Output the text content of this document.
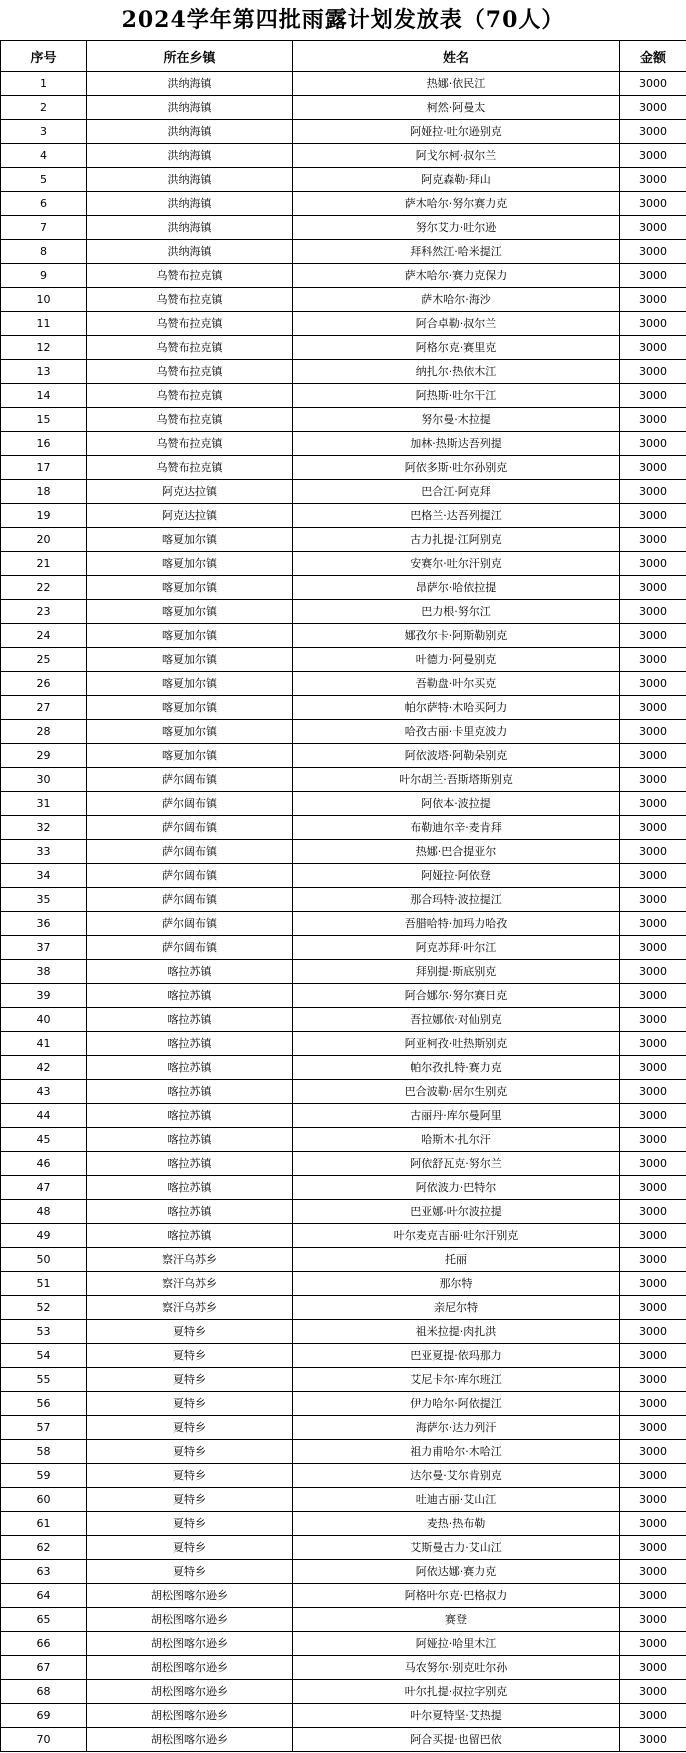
2024学年第四批雨露计划发放表（70人）
序号	所在乡镇	姓名	金额
1	洪纳海镇	热娜·依民江	3000
2	洪纳海镇	柯然·阿曼太	3000
3	洪纳海镇	阿娅拉·吐尔逊别克	3000
4	洪纳海镇	阿戈尔柯·叔尔兰	3000
5	洪纳海镇	阿克森勒·拜山	3000
6	洪纳海镇	萨木哈尔·努尔赛力克	3000
7	洪纳海镇	努尔艾力·吐尔逊	3000
8	洪纳海镇	拜科然江·哈米提江	3000
9	乌赞布拉克镇	萨木哈尔·赛力克保力	3000
10	乌赞布拉克镇	萨木哈尔·海沙	3000
11	乌赞布拉克镇	阿合卓勒·叔尔兰	3000
12	乌赞布拉克镇	阿格尔克·赛里克	3000
13	乌赞布拉克镇	纳扎尔·热依木江	3000
14	乌赞布拉克镇	阿热斯·吐尔干江	3000
15	乌赞布拉克镇	努尔曼·木拉提	3000
16	乌赞布拉克镇	加林·热斯达吾列提	3000
17	乌赞布拉克镇	阿依多斯·吐尔孙别克	3000
18	阿克达拉镇	巴合江·阿克拜	3000
19	阿克达拉镇	巴格兰·达吾列提江	3000
20	喀夏加尔镇	古力扎提·江阿别克	3000
21	喀夏加尔镇	安赛尔·吐尔汗别克	3000
22	喀夏加尔镇	昂萨尔·哈依拉提	3000
23	喀夏加尔镇	巴力根·努尔江	3000
24	喀夏加尔镇	娜孜尔卡·阿斯勒别克	3000
25	喀夏加尔镇	叶德力·阿曼别克	3000
26	喀夏加尔镇	吾勒盘·叶尔买克	3000
27	喀夏加尔镇	帕尔萨特·木哈买阿力	3000
28	喀夏加尔镇	哈孜古丽·卡里克波力	3000
29	喀夏加尔镇	阿依波塔·阿勒朵别克	3000
30	萨尔阔布镇	叶尔胡兰·吾斯塔斯别克	3000
31	萨尔阔布镇	阿依本·波拉提	3000
32	萨尔阔布镇	布勒迪尔辛·麦肯拜	3000
33	萨尔阔布镇	热娜·巴合提亚尔	3000
34	萨尔阔布镇	阿娅拉·阿依登	3000
35	萨尔阔布镇	那合玛特·波拉提江	3000
36	萨尔阔布镇	吾腊哈特·加玛力哈孜	3000
37	萨尔阔布镇	阿克苏拜·叶尔江	3000
38	喀拉苏镇	拜别提·斯底别克	3000
39	喀拉苏镇	阿合娜尔·努尔赛日克	3000
40	喀拉苏镇	吾拉娜依·对仙别克	3000
41	喀拉苏镇	阿亚柯孜·吐热斯别克	3000
42	喀拉苏镇	帕尔孜扎特·赛力克	3000
43	喀拉苏镇	巴合波勒·居尔生别克	3000
44	喀拉苏镇	古丽丹·库尔曼阿里	3000
45	喀拉苏镇	哈斯木·扎尔汗	3000
46	喀拉苏镇	阿依舒瓦克·努尔兰	3000
47	喀拉苏镇	阿依波力·巴特尔	3000
48	喀拉苏镇	巴亚娜·叶尔波拉提	3000
49	喀拉苏镇	叶尔麦克吉丽·吐尔汗别克	3000
50	察汗乌苏乡	托丽	3000
51	察汗乌苏乡	那尔特	3000
52	察汗乌苏乡	亲尼尔特	3000
53	夏特乡	祖米拉提·肉扎洪	3000
54	夏特乡	巴亚夏提·依玛那力	3000
55	夏特乡	艾尼卡尔·库尔班江	3000
56	夏特乡	伊力哈尔·阿依提江	3000
57	夏特乡	海萨尔·达力列汗	3000
58	夏特乡	祖力甫哈尔·木哈江	3000
59	夏特乡	达尔曼·艾尔肯别克	3000
60	夏特乡	吐迪古丽·艾山江	3000
61	夏特乡	麦热·热布勒	3000
62	夏特乡	艾斯曼古力·艾山江	3000
63	夏特乡	阿依达娜·赛力克	3000
64	胡松图喀尔逊乡	阿格叶尔克·巴格叔力	3000
65	胡松图喀尔逊乡	赛登	3000
66	胡松图喀尔逊乡	阿娅拉·哈里木江	3000
67	胡松图喀尔逊乡	马农努尔·别克吐尔孙	3000
68	胡松图喀尔逊乡	叶尔扎提·叔拉字别克	3000
69	胡松图喀尔逊乡	叶尔夏特坚·艾热提	3000
70	胡松图喀尔逊乡	阿合买提·也留巴依	3000
